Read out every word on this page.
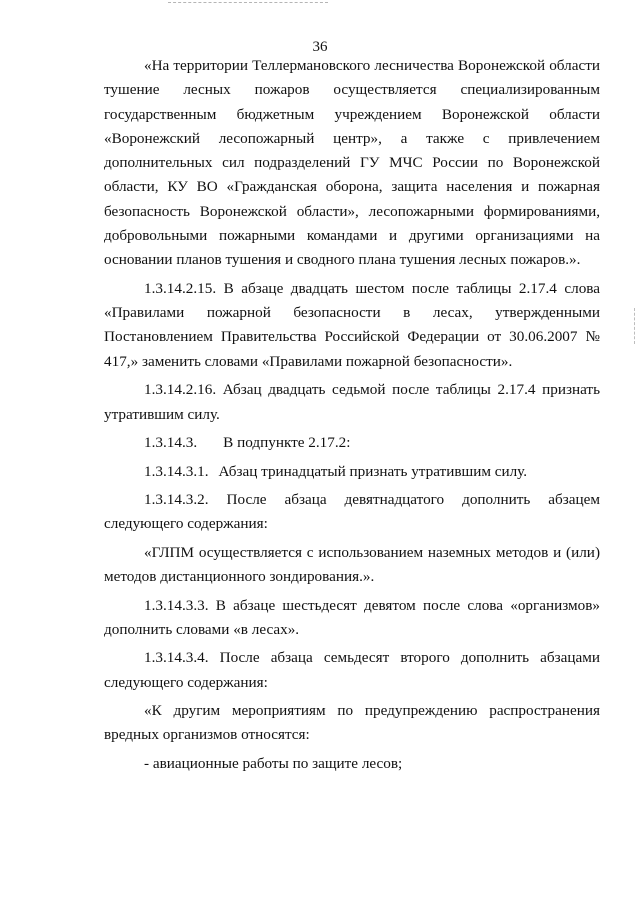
36

«На территории Теллермановского лесничества Воронежской области тушение лесных пожаров осуществляется специализированным государственным бюджетным учреждением Воронежской области «Воронежский лесопожарный центр», а также с привлечением дополнительных сил подразделений ГУ МЧС России по Воронежской области, КУ ВО «Гражданская оборона, защита населения и пожарная безопасность Воронежской области», лесопожарными формированиями, добровольными пожарными командами и другими организациями на основании планов тушения и сводного плана тушения лесных пожаров.».

1.3.14.2.15. В абзаце двадцать шестом после таблицы 2.17.4 слова «Правилами пожарной безопасности в лесах, утвержденными Постановлением Правительства Российской Федерации от 30.06.2007 № 417,» заменить словами «Правилами пожарной безопасности».

1.3.14.2.16. Абзац двадцать седьмой после таблицы 2.17.4 признать утратившим силу.

1.3.14.3. В подпункте 2.17.2:

1.3.14.3.1. Абзац тринадцатый признать утратившим силу.

1.3.14.3.2. После абзаца девятнадцатого дополнить абзацем следующего содержания:

«ГЛПМ осуществляется с использованием наземных методов и (или) методов дистанционного зондирования.».

1.3.14.3.3. В абзаце шестьдесят девятом после слова «организмов» дополнить словами «в лесах».

1.3.14.3.4. После абзаца семьдесят второго дополнить абзацами следующего содержания:

«К другим мероприятиям по предупреждению распространения вредных организмов относятся:

- авиационные работы по защите лесов;
